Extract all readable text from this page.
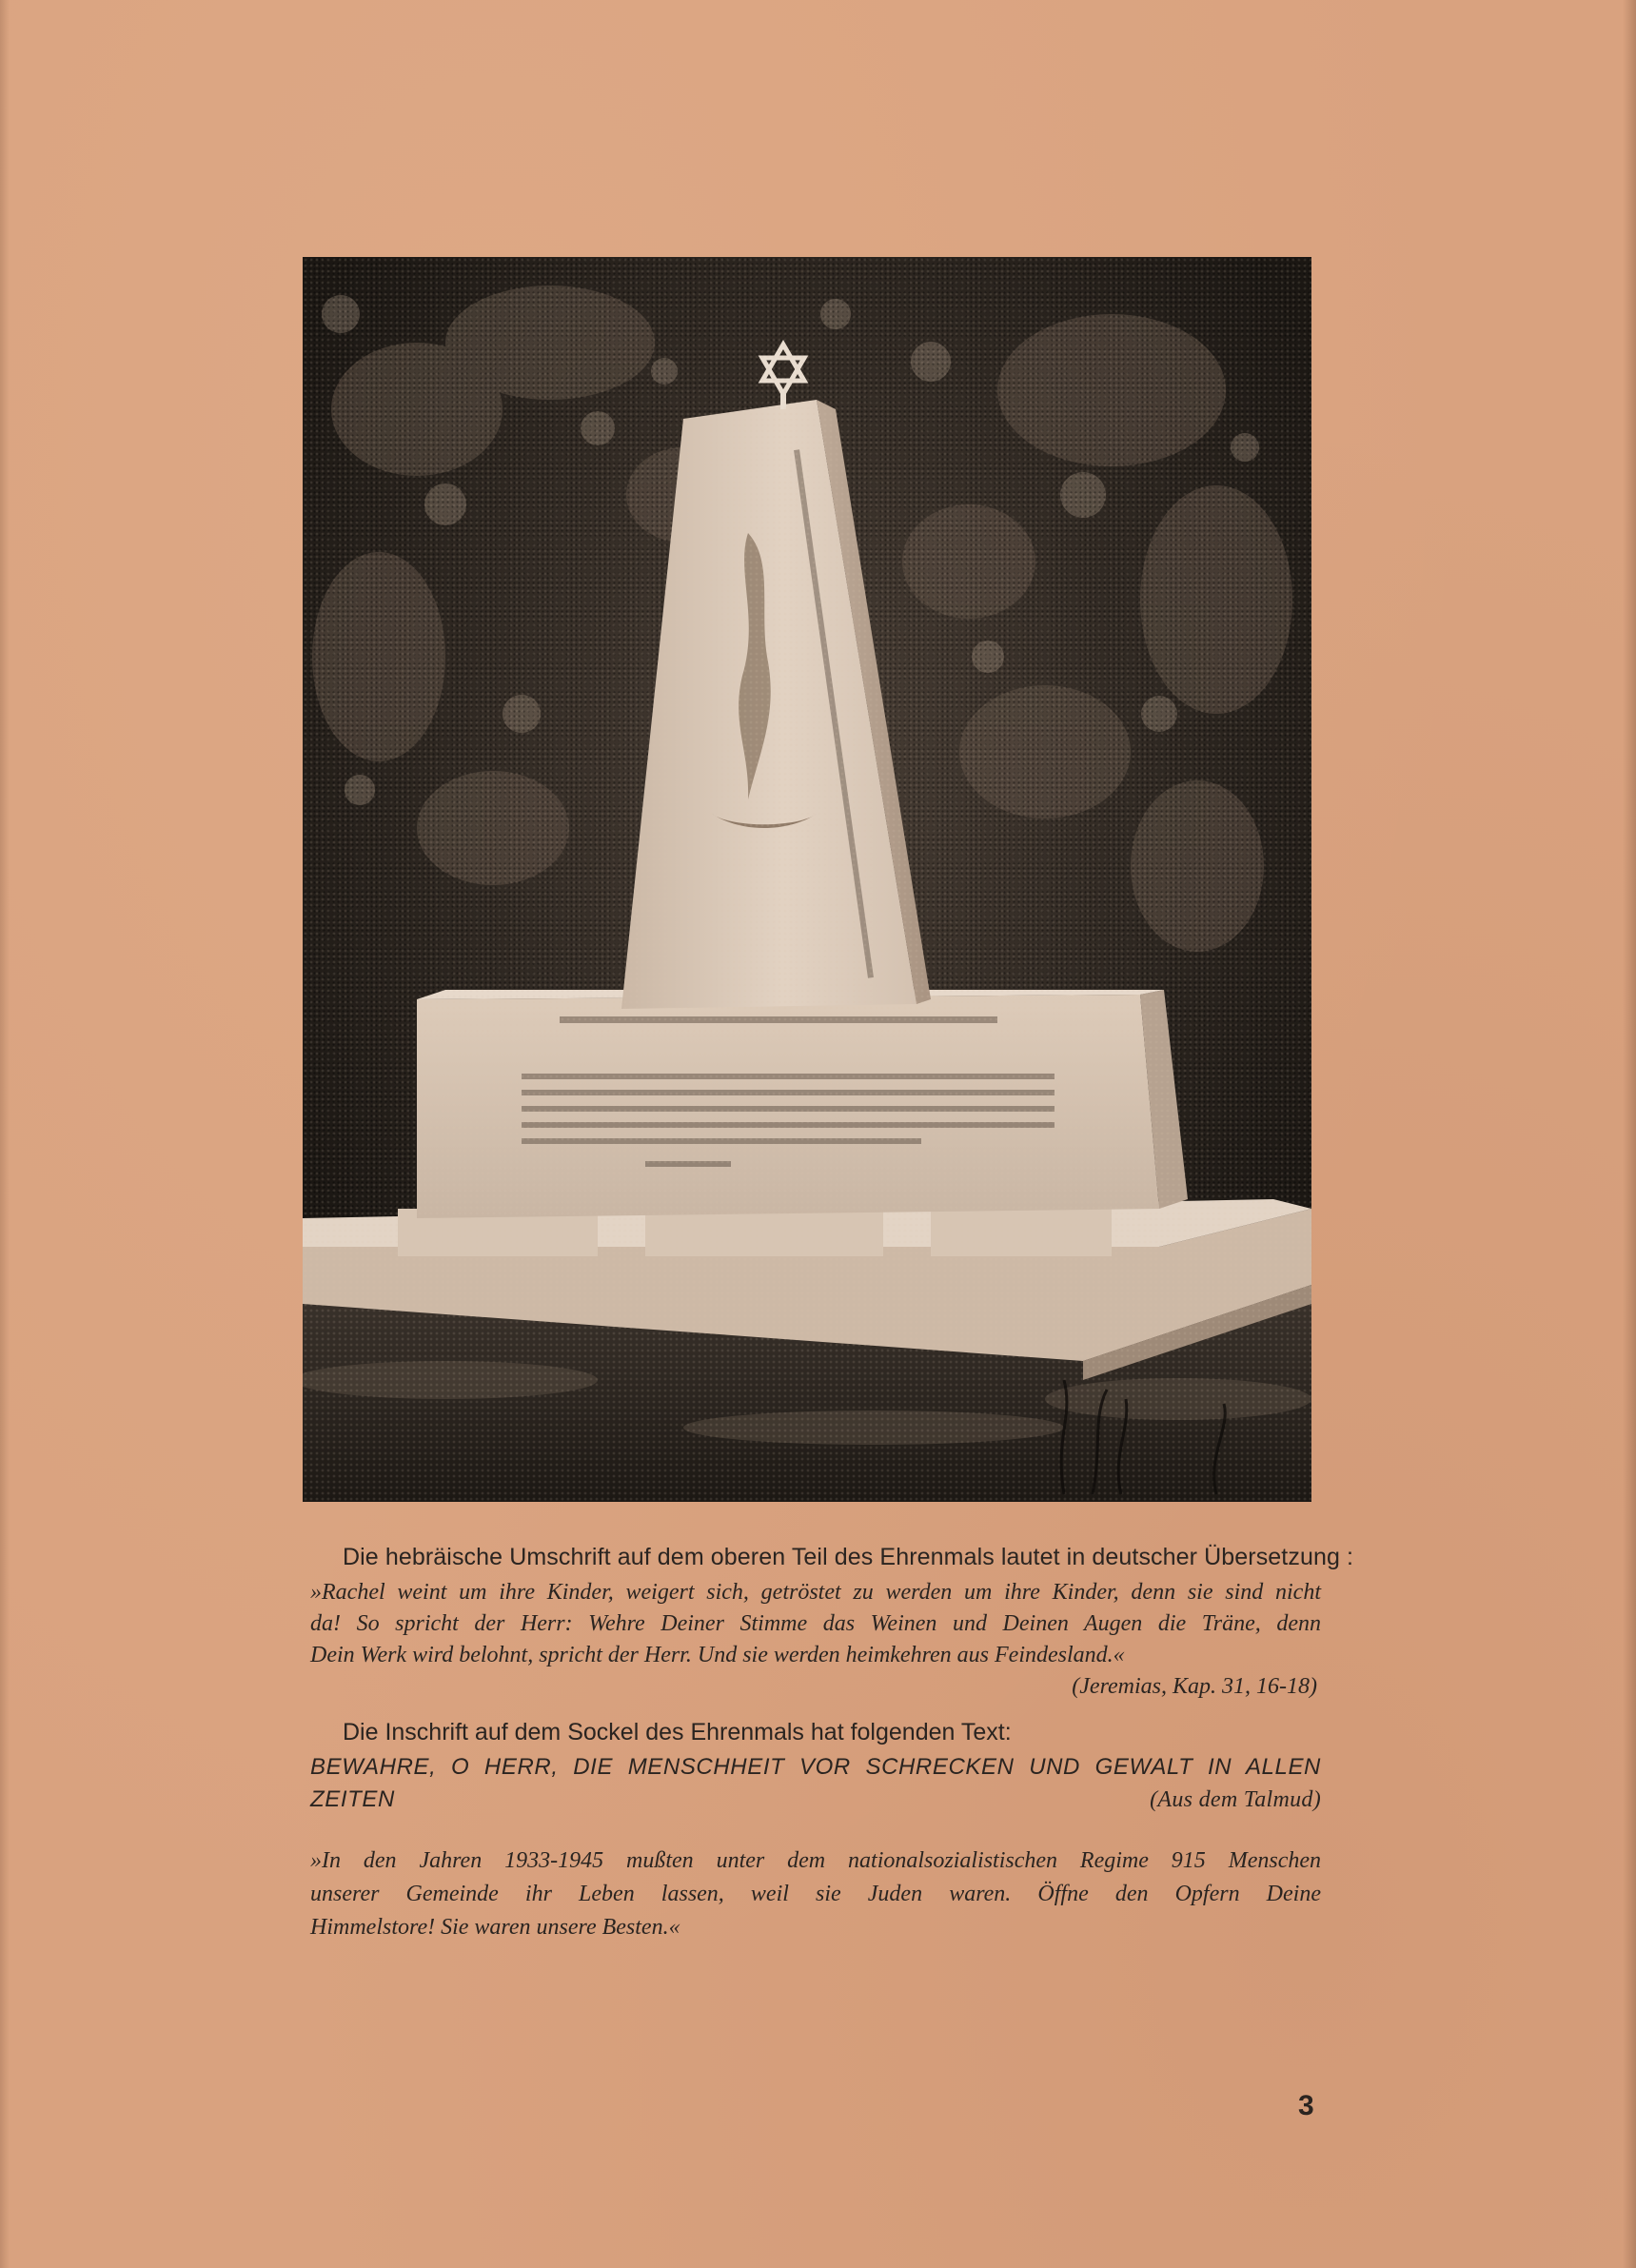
Die hebräische Umschrift auf dem oberen Teil des Ehrenmals lautet in deutscher Übersetzung :
»Rachel weint um ihre Kinder, weigert sich, getröstet zu werden um ihre Kinder, denn sie sind nicht
da! So spricht der Herr: Wehre Deiner Stimme das Weinen und Deinen Augen die Träne, denn
Dein Werk wird belohnt, spricht der Herr. Und sie werden heimkehren aus Feindesland.«
(Jeremias, Kap. 31, 16-18)
Die Inschrift auf dem Sockel des Ehrenmals hat folgenden Text:
BEWAHRE, O HERR, DIE MENSCHHEIT VOR SCHRECKEN UND GEWALT IN ALLEN
ZEITEN	(Aus dem Talmud)
»In den Jahren 1933-1945 mußten unter dem nationalsozialistischen Regime 915 Menschen
unserer Gemeinde ihr Leben lassen, weil sie Juden waren. Öffne den Opfern Deine
Himmelstore! Sie waren unsere Besten.«
3
